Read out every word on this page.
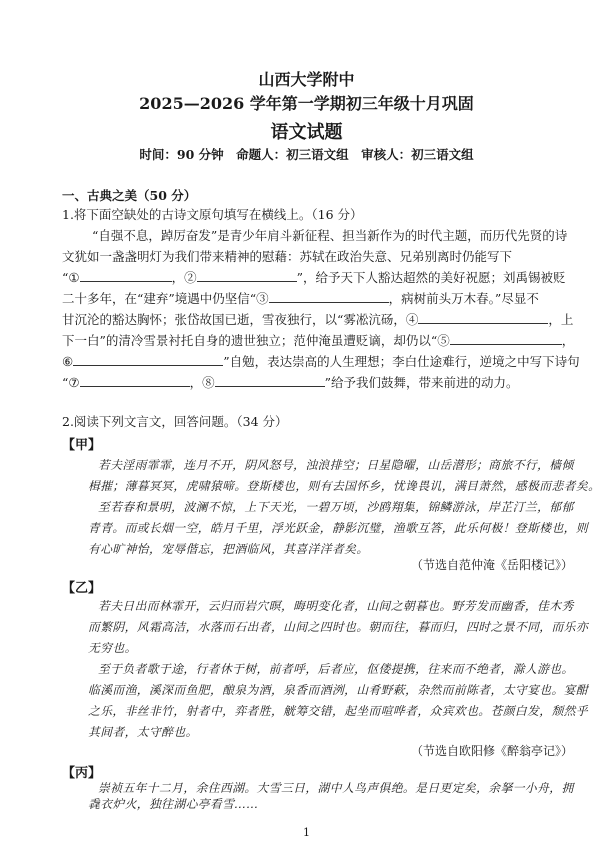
山西大学附中
2025—2026 学年第一学期初三年级十月巩固
语文试题
时间：90 分钟　命题人：初三语文组　审核人：初三语文组
一、古典之美（50 分）
1.将下面空缺处的古诗文原句填写在横线上。（16 分）
“自强不息，踔厉奋发”是青少年肩斗新征程、担当新作为的时代主题，而历代先贤的诗
文犹如一盏盏明灯为我们带来精神的慰藉：苏轼在政治失意、兄弟别离时仍能写下
“①	，②	”，给予天下人豁达超然的美好祝愿；刘禹锡被贬
二十多年，在“建弃”境遇中仍坚信“③	，病树前头万木春。”尽显不
甘沉沦的豁达胸怀；张岱故国已逝，雪夜独行，以“雾凇沆砀，④	，上
下一白”的清冷雪景衬托自身的遗世独立；范仲淹虽遭贬谪，却仍以“⑤	，
⑥	”自勉，表达崇高的人生理想；李白仕途难行，逆境之中写下诗句
“⑦	，⑧	”给予我们鼓舞，带来前进的动力。
2.阅读下列文言文，回答问题。（34 分）
【甲】
若夫淫雨霏霏，连月不开，阴风怒号，浊浪排空；日星隐曜，山岳潜形；商旅不行，樯倾
楫摧；薄暮冥冥，虎啸猿啼。登斯楼也，则有去国怀乡，忧谗畏讥，满目萧然，感极而悲者矣。
至若春和景明，波澜不惊，上下天光，一碧万顷，沙鸥翔集，锦鳞游泳，岸芷汀兰，郁郁
青青。而或长烟一空，皓月千里，浮光跃金，静影沉璧，渔歌互答，此乐何极！登斯楼也，则
有心旷神怡，宠辱偕忘，把酒临风，其喜洋洋者矣。
（节选自范仲淹《岳阳楼记》）
【乙】
若夫日出而林霏开，云归而岩穴暝，晦明变化者，山间之朝暮也。野芳发而幽香，佳木秀
而繁阴，风霜高洁，水落而石出者，山间之四时也。朝而往，暮而归，四时之景不同，而乐亦
无穷也。
至于负者歌于途，行者休于树，前者呼，后者应，伛偻提携，往来而不绝者，滁人游也。
临溪而渔，溪深而鱼肥，酿泉为酒，泉香而酒洌，山肴野蔌，杂然而前陈者，太守宴也。宴酣
之乐，非丝非竹，射者中，弈者胜，觥筹交错，起坐而喧哗者，众宾欢也。苍颜白发，颓然乎
其间者，太守醉也。
（节选自欧阳修《醉翁亭记》）
【丙】
崇祯五年十二月，余住西湖。大雪三日，湖中人鸟声俱绝。是日更定矣，余拏一小舟，拥
毳衣炉火，独往湖心亭看雪……
1
